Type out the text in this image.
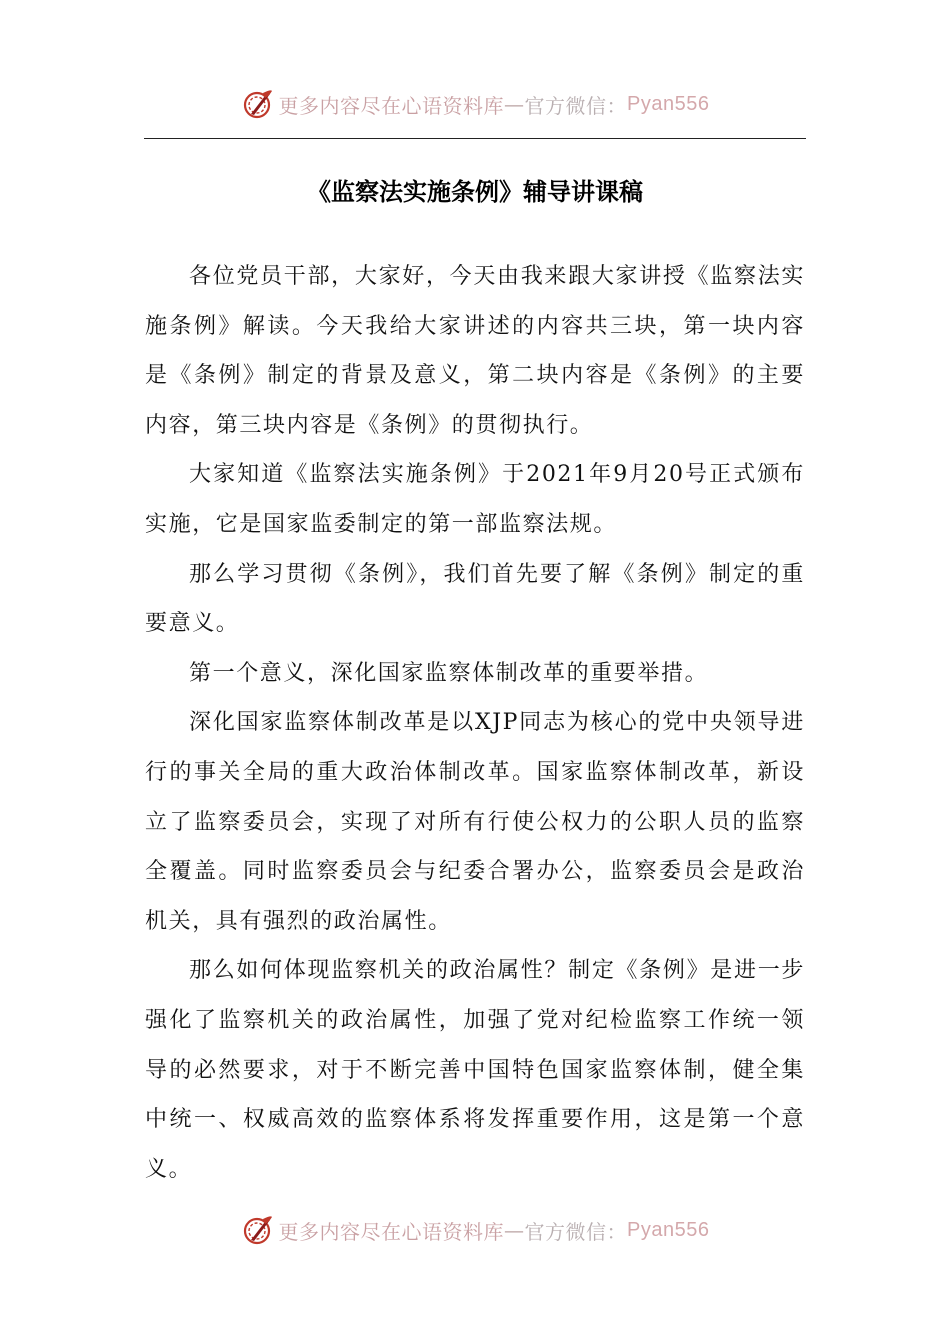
更多内容尽在心语资料库 — 官方微信： Pyan556
《监察法实施条例》辅导讲课稿

各位党员干部，大家好，今天由我来跟大家讲授《监察法实施条例》解读。今天我给大家讲述的内容共三块，第一块内容是《条例》制定的背景及意义，第二块内容是《条例》的主要内容，第三块内容是《条例》的贯彻执行。

大家知道《监察法实施条例》于2021年9月20号正式颁布实施，它是国家监委制定的第一部监察法规。

那么学习贯彻《条例》，我们首先要了解《条例》制定的重要意义。

第一个意义，深化国家监察体制改革的重要举措。

深化国家监察体制改革是以XJP同志为核心的党中央领导进行的事关全局的重大政治体制改革。国家监察体制改革，新设立了监察委员会，实现了对所有行使公权力的公职人员的监察全覆盖。同时监察委员会与纪委合署办公，监察委员会是政治机关，具有强烈的政治属性。

那么如何体现监察机关的政治属性？制定《条例》是进一步强化了监察机关的政治属性，加强了党对纪检监察工作统一领导的必然要求，对于不断完善中国特色国家监察体制，健全集中统一、权威高效的监察体系将发挥重要作用，这是第一个意义。

更多内容尽在心语资料库 — 官方微信： Pyan556
